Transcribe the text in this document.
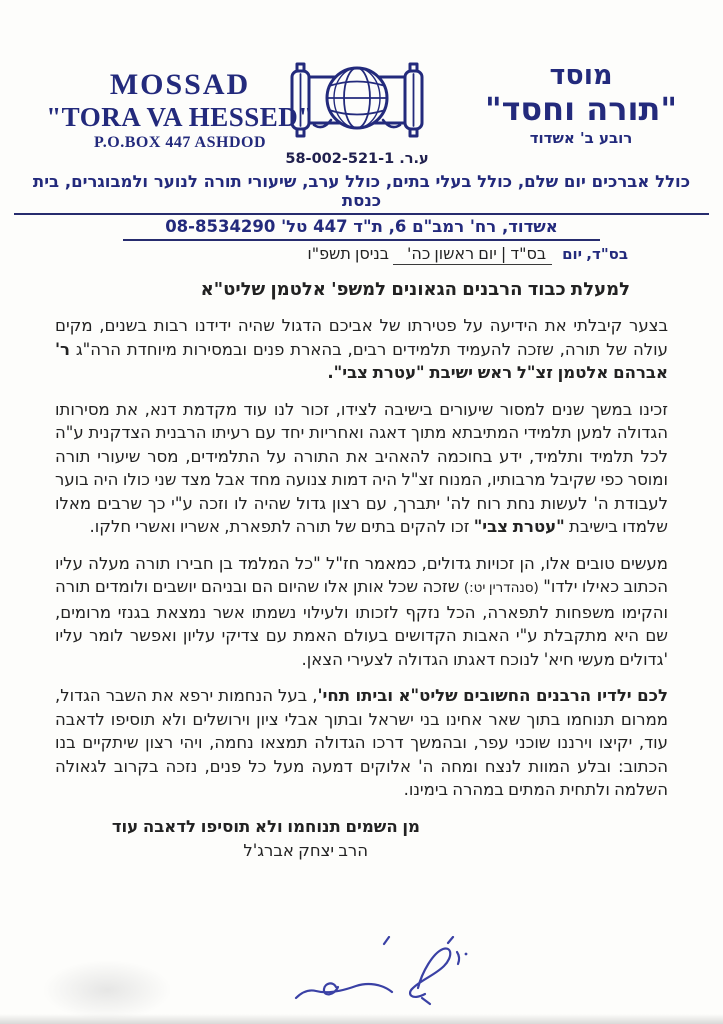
MOSSAD
"TORA VA HESSED"
P.O.BOX 447 ASHDOD
ע.ר.
58-002-521-1
מוסד
"תורה וחסד"
רובע ב' אשדוד
כולל אברכים יום שלם, כולל בעלי בתים, כולל ערב, שיעורי תורה לנוער ולמבוגרים, בית כנסת
אשדוד, רח' רמב"ם 6, ת"ד 447 טל' 08-8534290
בס"ד, יוםבס"ד | יום ראשון כה'בניסן תשפ"ו
למעלת כבוד הרבנים הגאונים למשפ' אלטמן שליט"א
בצער קיבלתי את הידיעה על פטירתו של אביכם הדגול שהיה ידידנו רבות בשנים, מקים עולה של תורה, שזכה להעמיד תלמידים רבים, בהארת פנים ובמסירות מיוחדת הרה"ג ר' אברהם אלטמן זצ"ל ראש ישיבת "עטרת צבי".
זכינו במשך שנים למסור שיעורים בישיבה לצידו, זכור לנו עוד מקדמת דנא, את מסירותו הגדולה למען תלמידי המתיבתא מתוך דאגה ואחריות יחד עם רעיתו הרבנית הצדקנית ע"ה לכל תלמיד ותלמיד, ידע בחוכמה להאהיב את התורה על התלמידים, מסר שיעורי תורה ומוסר כפי שקיבל מרבותיו, המנוח זצ"ל היה דמות צנועה מחד אבל מצד שני כולו היה בוער לעבודת ה' לעשות נחת רוח לה' יתברך, עם רצון גדול שהיה לו וזכה ע"י כך שרבים מאלו שלמדו בישיבת "עטרת צבי" זכו להקים בתים של תורה לתפארת, אשריו ואשרי חלקו.
מעשים טובים אלו, הן זכויות גדולים, כמאמר חז"ל "כל המלמד בן חבירו תורה מעלה עליו הכתוב כאילו ילדו" (סנהדרין יט:) שזכה שכל אותן אלו שהיום הם ובניהם יושבים ולומדים תורה והקימו משפחות לתפארה, הכל נזקף לזכותו ולעילוי נשמתו אשר נמצאת בגנזי מרומים, שם היא מתקבלת ע"י האבות הקדושים בעולם האמת עם צדיקי עליון ואפשר לומר עליו 'גדולים מעשי חיא' לנוכח דאגתו הגדולה לצעירי הצאן.
לכם ילדיו הרבנים החשובים שליט"א וביתו תחי', בעל הנחמות ירפא את השבר הגדול, ממרום תנוחמו בתוך שאר אחינו בני ישראל ובתוך אבלי ציון וירושלים ולא תוסיפו לדאבה עוד, יקיצו וירננו שוכני עפר, ובהמשך דרכו הגדולה תמצאו נחמה, ויהי רצון שיתקיים בנו הכתוב: ובלע המוות לנצח ומחה ה' אלוקים דמעה מעל כל פנים, נזכה בקרוב לגאולה השלמה ולתחית המתים במהרה בימינו.
מן השמים תנוחמו ולא תוסיפו לדאבה עוד
הרב יצחק אברג'ל
